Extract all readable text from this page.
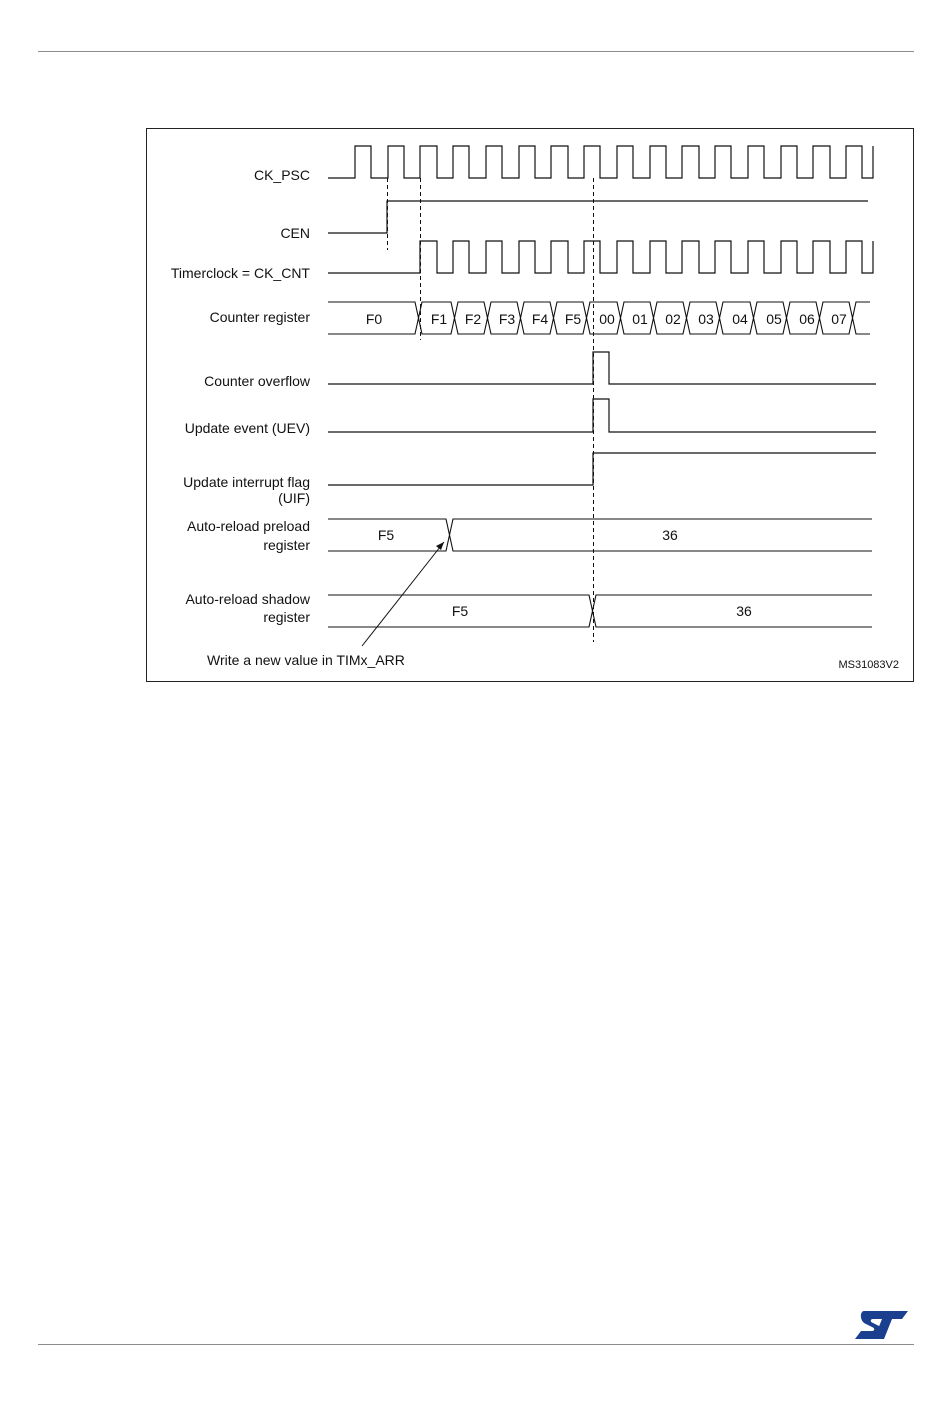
CK_PSC
CEN
Timerclock = CK_CNT
Counter register
Counter overflow
Update event (UEV)
Update interrupt flag
(UIF)
Auto-reload preload
register
Auto-reload shadow
register
F0	F1 F2 F3 F4 F5 00 01 02 03 04 05 06 07
F5	36
F5	36
Write a new value in TIMx_ARR	MS31083V2
